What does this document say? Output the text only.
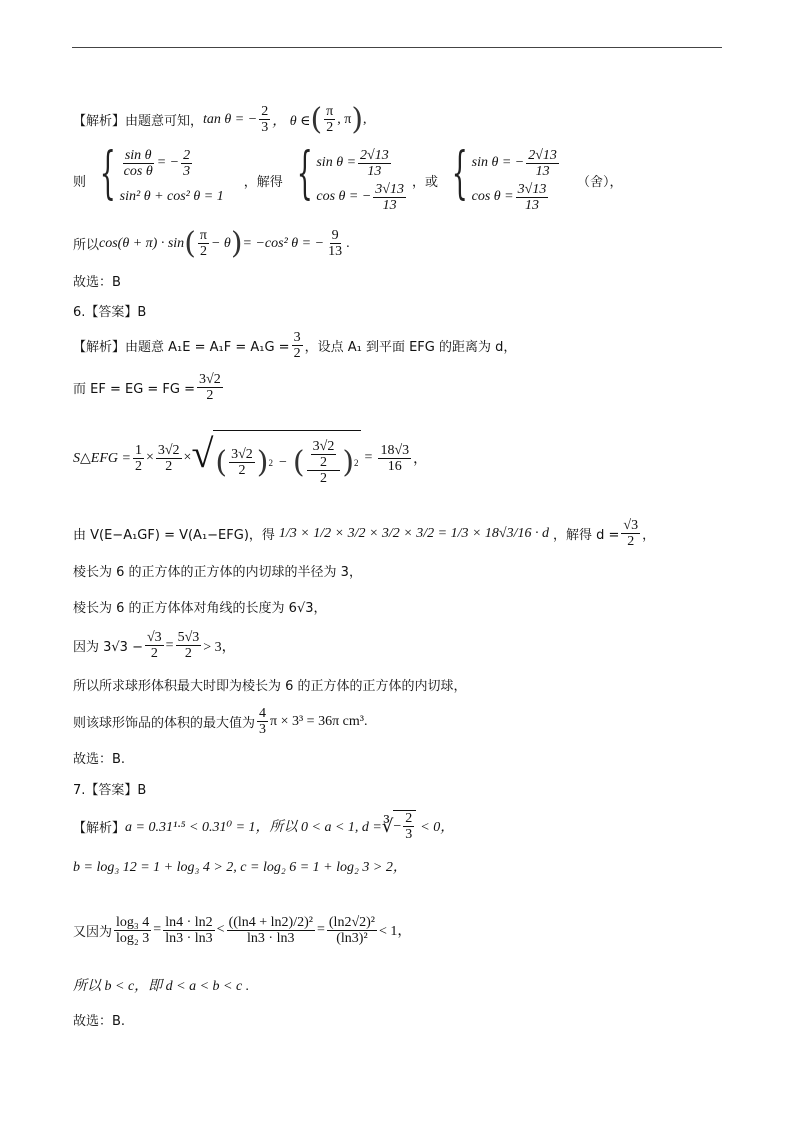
【解析】 由题意可知， tan θ = − $\frac{2}{3}$ ， θ ∈ ( $\frac{\pi}{2}$ , π ) ,
则 { $\frac{\text{sin θ}}{\text{cos θ}}$ = − $\frac{2}{3}$
sin² θ + cos² θ = 1
，解得 { $\sin \theta = \frac{2√13}{13}$
cos θ = − $\frac{3√13}{13}$ ，或 { sin θ = − $\frac{2√13}{13}$
$\cos \theta = \frac{3√13}{13}$ （舍），
所以 cos(θ + π) · sin ( $\frac{\pi}{2} - \theta$ ) = −cos² θ = − $\frac{9}{13}$ .
故选：B
6.【答案】B
【解析】 由题意 $A_1E = A_1F = A_1G = \frac{3}{2}$ ，设点 A₁ 到平面 EFG 的距离为 d，
而 EF = EG = FG = $\frac{3√2}{2}$
S△EFG = $\frac{1}{2} \times \frac{3√2}{2}$ × √ ( $\frac{3√2}{2}$ ) 2 − ( $\frac{\frac{3√2}{2}}{2}$ ) $2 = \frac{18√3}{16}$ ，
由 V(E−A₁GF) = V(A₁−EFG)，得 1/3 × 1/2 × 3/2 × 3/2 × 3/2 = 1/3 × 18√3/16 · d ，解得 $d = \frac{√3}{2}$ ，
棱长为 6 的正方体的正方体的内切球的半径为 3，
棱长为 6 的正方体体对角线的长度为 6√3，
因为 $3√3 - \frac{√3}{2} = \frac{5√3}{2} > 3$，
所以所求球形体积最大时即为棱长为 6 的正方体的正方体的内切球，
则该球形饰品的体积的最大值为 $\frac{4}{3}$ π × 3³ = 36π cm³.
故选：B.
7.【答案】B
【解析】 a = 0.31¹·⁵ < 0.31⁰ = 1，所以 0 < a < 1, d = ∛ − $\frac{2}{3} < 0$，
b = log₃ 12 = 1 + log₃ 4 > 2, c = log₂ 6 = 1 + log₂ 3 > 2，
又因为 $\frac{\text{log₃ 4}}{\text{log₂ 3}} = \frac{\ln 4 \cdot \ln 2}{\ln 3 \cdot \ln 3} < \frac{\text{((ln4 + ln2)/2)²}}{\ln 3 \cdot \ln 3} = \frac{\text{(ln2√2)²}}{\text{(ln3)²}} < 1$，
所以 b < c，即 d < a < b < c .
故选：B.
